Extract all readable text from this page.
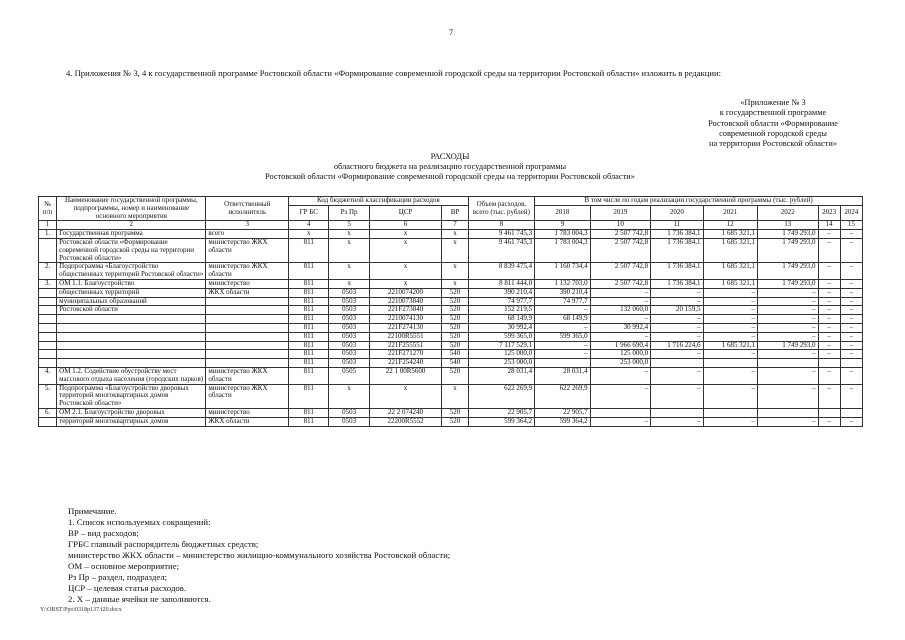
7
4. Приложения № 3, 4 к государственной программе Ростовской области «Формирование современной городской среды на территории Ростовской области» изложить в редакции:
«Приложение № 3
к государственной программе
Ростовской области «Формирование
современной городской среды
на территории Ростовской области»
РАСХОДЫ
областного бюджета на реализацию государственной программы
Ростовской области «Формирование современной городской среды на территории Ростовской области»
№ п/п	Наименование государственной программы, подпрограммы, номер и наименование основного мероприятия	Ответственный исполнитель	Код бюджетной классификации расходов				Объем расходов, всего (тыс. рублей)	В том числе по годам реализации государственной программы (тыс. рублей)						
			ГР БС	Рз Пр	ЦСР	ВР		2018	2019	2020	2021	2022	2023	2024

1	2	3	4	5	6	7	8	9	10	11	12	13	14	15
1.	Государственная программа	всего	х	х	х	х	9 461 745,3	1 783 004,3	2 507 742,8	1 736 384,1	1 685 321,1	1 749 293,0	–	–
	Ростовской области «Формирование современной городской среды на территории Ростовской области»	министерство ЖКХ области	811	х	х	х	9 461 745,3	1 783 004,3	2 507 742,8	1 736 384,1	1 685 321,1	1 749 293,0	–	–
2.	Подпрограмма «Благоустройство общественных территорий Ростовской области»	министерство ЖКХ области	811	х	х	х	8 839 475,4	1 160 734,4	2 507 742,8	1 736 384,1	1 685 321,1	1 749 293,0	–	–
3.	ОМ 1.1. Благоустройство	министерство	811	х	х	х	8 811 444,0	1 132 703,0	2 507 742,8	1 736 384,1	1 685 321,1	1 749 293,0	–	–
	общественных территорий	ЖКХ области	811	0503	2210074200	520	390 210,4	390 210,4	–	–	–	–	–	–
	муниципальных образований		811	0503	2210073840	520	74 977,7	74 977,7	–	–	–	–	–	–
	Ростовской области		811	0503	221F273840	520	152 219,5	–	132 060,0	20 159,5	–	–	–	–
			811	0503	2210074130	520	68 149,9	68 149,9	–	–	–	–	–	–
			811	0503	221F274130	520	30 992,4	–	30 992,4	–	–	–	–	–
			811	0503	22100R5551	520	599 365,0	599 365,0	–	–	–	–	–	–
			811	0503	221F255551	520	7 117 529,1	–	1 966 690,4	1 716 224,6	1 685 321,1	1 749 293,0	–	–
			811	0503	221F271270	540	125 000,0	–	125 000,0	–	–	–	–	–
			811	0503	221F254240	540	253 000,0		253 000,0					
4.	ОМ 1.2. Содействие обустройству мест массового отдыха населения (городских парков)	министерство ЖКХ области	811	0505	22 1 00R5600	520	28 031,4	28 031,4	–	–	–	–	–	–
5.	Подпрограмма «Благоустройство дворовых территорий многоквартирных домов Ростовской области»	министерство ЖКХ области	811	х	х	х	622 269,9	622 269,9	–	–	–	–	–	–
6.	ОМ 2.1. Благоустройство дворовых	министерство	811	0503	22 2 074240	520	22 905,7	22 905,7						
	территорий многоквартирных домов	ЖКХ области	811	0503	22200R5552	520	599 364,2	599 364,2	–	–	–	–	–	–
Примечание.
1. Список используемых сокращений:
ВР – вид расходов;
ГРБС главный распорядитель бюджетных средств;
министерство ЖКХ области – министерство жилищно-коммунального хозяйства Ростовской области;
ОМ – основное мероприятие;
Рз Пр – раздел, подраздел;
ЦСР – целевая статья расходов.
2. Х – данные ячейки не заполняются.
Y:\ORST\Ppo\0318p137.f20.docx
